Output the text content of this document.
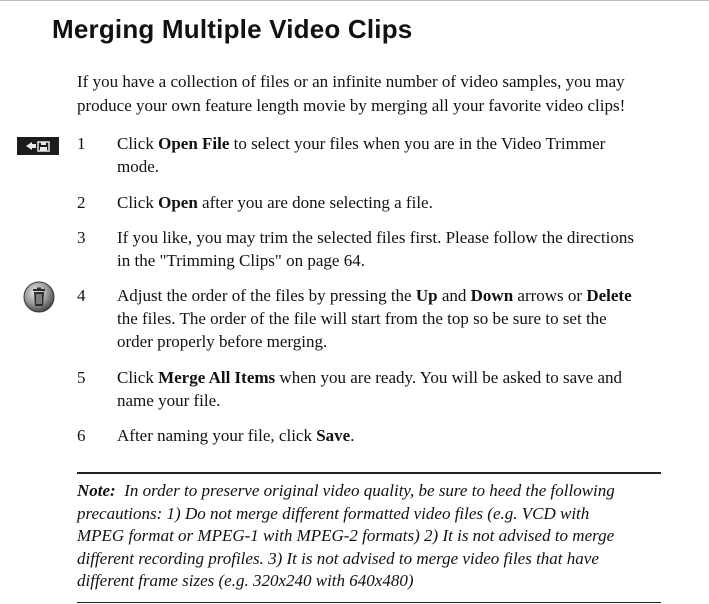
Merging Multiple Video Clips

If you have a collection of files or an infinite number of video samples, you may
produce your own feature length movie by merging all your favorite video clips!

1	Click Open File to select your files when you are in the Video Trimmer
mode.
2	Click Open after you are done selecting a file.
3	If you like, you may trim the selected files first. Please follow the directions
in the "Trimming Clips" on page 64.
4	Adjust the order of the files by pressing the Up and Down arrows or Delete
the files. The order of the file will start from the top so be sure to set the
order properly before merging.
5	Click Merge All Items when you are ready. You will be asked to save and
name your file.
6	After naming your file, click Save.
Note:  In order to preserve original video quality, be sure to heed the following
precautions: 1) Do not merge different formatted video files (e.g. VCD with
MPEG format or MPEG-1 with MPEG-2 formats) 2) It is not advised to merge
different recording profiles. 3) It is not advised to merge video files that have
different frame sizes (e.g. 320x240 with 640x480)
